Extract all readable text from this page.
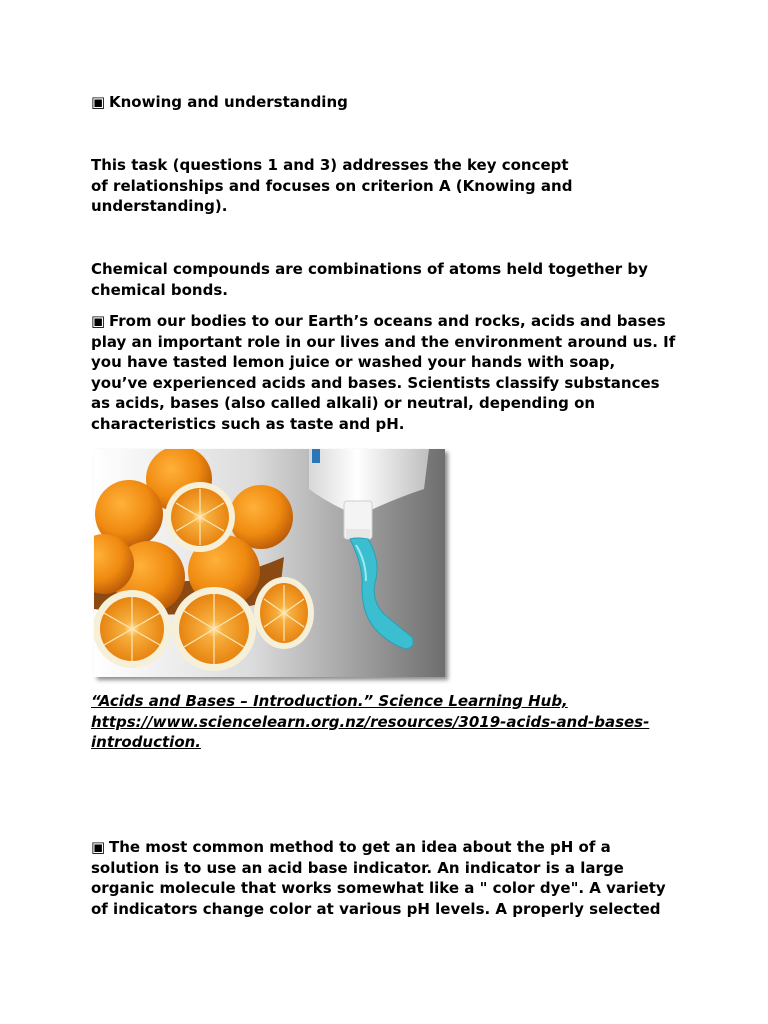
▣ Knowing and understanding
This task (questions 1 and 3) addresses the key concept
of relationships and focuses on criterion A (Knowing and
understanding).
Chemical compounds are combinations of atoms held together by
chemical bonds.
▣ From our bodies to our Earth’s oceans and rocks, acids and bases
play an important role in our lives and the environment around us. If
you have tasted lemon juice or washed your hands with soap,
you’ve experienced acids and bases. Scientists classify substances
as acids, bases (also called alkali) or neutral, depending on
characteristics such as taste and pH.
“Acids and Bases – Introduction.” Science Learning Hub,
https://www.sciencelearn.org.nz/resources/3019-acids-and-bases-
introduction.
▣ The most common method to get an idea about the pH of a
solution is to use an acid base indicator. An indicator is a large
organic molecule that works somewhat like a " color dye". A variety
of indicators change color at various pH levels. A properly selected
